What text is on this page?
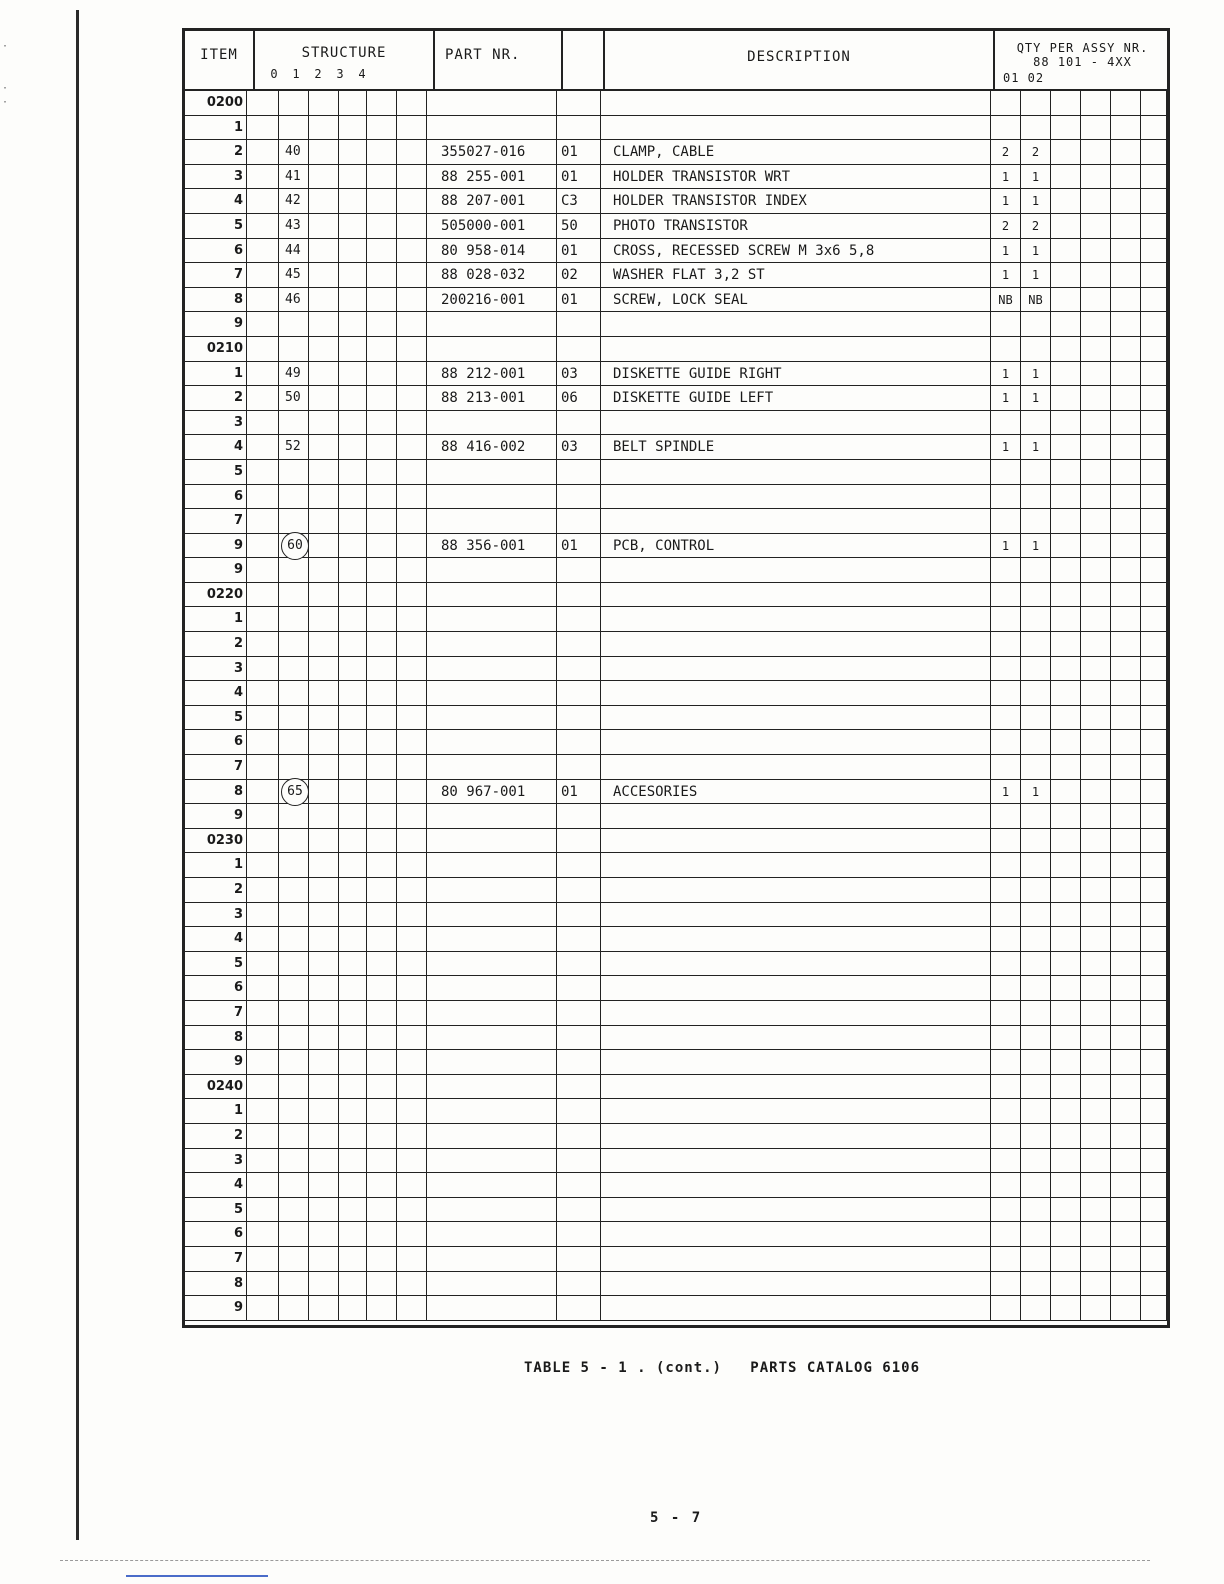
·

·
·
ITEM	STRUCTURE
0 1 2 3 4
PART NR.	DESCRIPTION
QTY PER ASSY NR.
88 101 - 4XX
01 02
0200
1
2	40	355027-016	01	CLAMP, CABLE	2	2
3	41	88 255-001	01	HOLDER TRANSISTOR WRT	1	1
4	42	88 207-001	C3	HOLDER TRANSISTOR INDEX	1	1
5	43	505000-001	50	PHOTO TRANSISTOR	2	2
6	44	80 958-014	01	CROSS, RECESSED SCREW M 3x6 5,8	1	1
7	45	88 028-032	02	WASHER FLAT 3,2 ST	1	1
8	46	200216-001	01	SCREW, LOCK SEAL	NB	NB
9
0210
1	49	88 212-001	03	DISKETTE GUIDE RIGHT	1	1
2	50	88 213-001	06	DISKETTE GUIDE LEFT	1	1
3
4	52	88 416-002	03	BELT SPINDLE	1	1
5
6
7
9	60	88 356-001	01	PCB, CONTROL	1	1
9
0220
1
2
3
4
5
6
7
8	65	80 967-001	01	ACCESORIES	1	1
9
0230
1
2
3
4
5
6
7
8
9
0240
1
2
3
4
5
6
7
8
9
TABLE 5 - 1 . (cont.) PARTS CATALOG 6106
5 - 7
